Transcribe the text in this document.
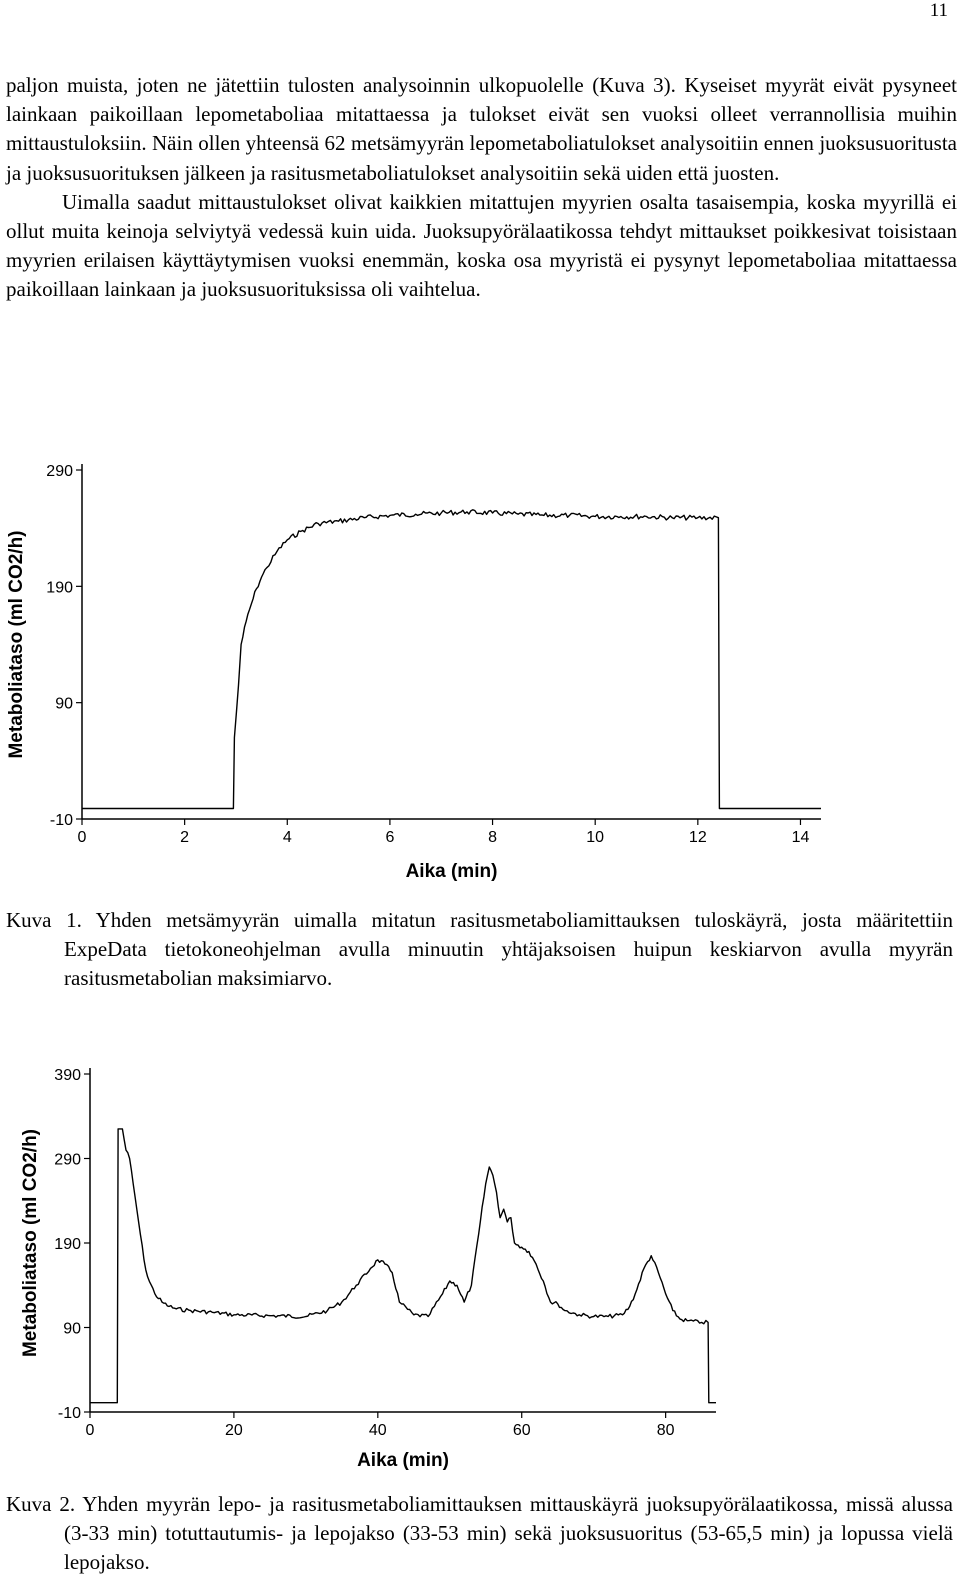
11

paljon muista, joten ne jätettiin tulosten analysoinnin ulkopuolelle (Kuva 3). Kyseiset myyrät eivät pysyneet lainkaan paikoillaan lepometaboliaa mitattaessa ja tulokset eivät sen vuoksi olleet verrannollisia muihin mittaustuloksiin. Näin ollen yhteensä 62 metsämyyrän lepometaboliatulokset analysoitiin ennen juoksusuoritusta ja juoksusuorituksen jälkeen ja rasitusmetaboliatulokset analysoitiin sekä uiden että juosten.

Uimalla saadut mittaustulokset olivat kaikkien mitattujen myyrien osalta tasaisempia, koska myyrillä ei ollut muita keinoja selviytyä vedessä kuin uida. Juoksupyörälaatikossa tehdyt mittaukset poikkesivat toisistaan myyrien erilaisen käyttäytymisen vuoksi enemmän, koska osa myyristä ei pysynyt lepometaboliaa mitattaessa paikoillaan lainkaan ja juoksusuorituksissa oli vaihtelua.

-10
90
190
290
0	2	4	6	8	10	12	14
Aika (min)
Metaboliataso (ml CO2/h)
Kuva 1. Yhden metsämyyrän uimalla mitatun rasitusmetaboliamittauksen tuloskäyrä, josta määritettiin ExpeData tietokoneohjelman avulla minuutin yhtäjaksoisen huipun keskiarvon avulla myyrän rasitusmetabolian maksimiarvo.
-10
90
190
290
390
0	20	40	60	80
Aika (min)
Metaboliataso (ml CO2/h)
Kuva 2. Yhden myyrän lepo- ja rasitusmetaboliamittauksen mittauskäyrä juoksupyörälaatikossa, missä alussa (3-33 min) totuttautumis- ja lepojakso (33-53 min) sekä juoksusuoritus (53-65,5 min) ja lopussa vielä lepojakso.
